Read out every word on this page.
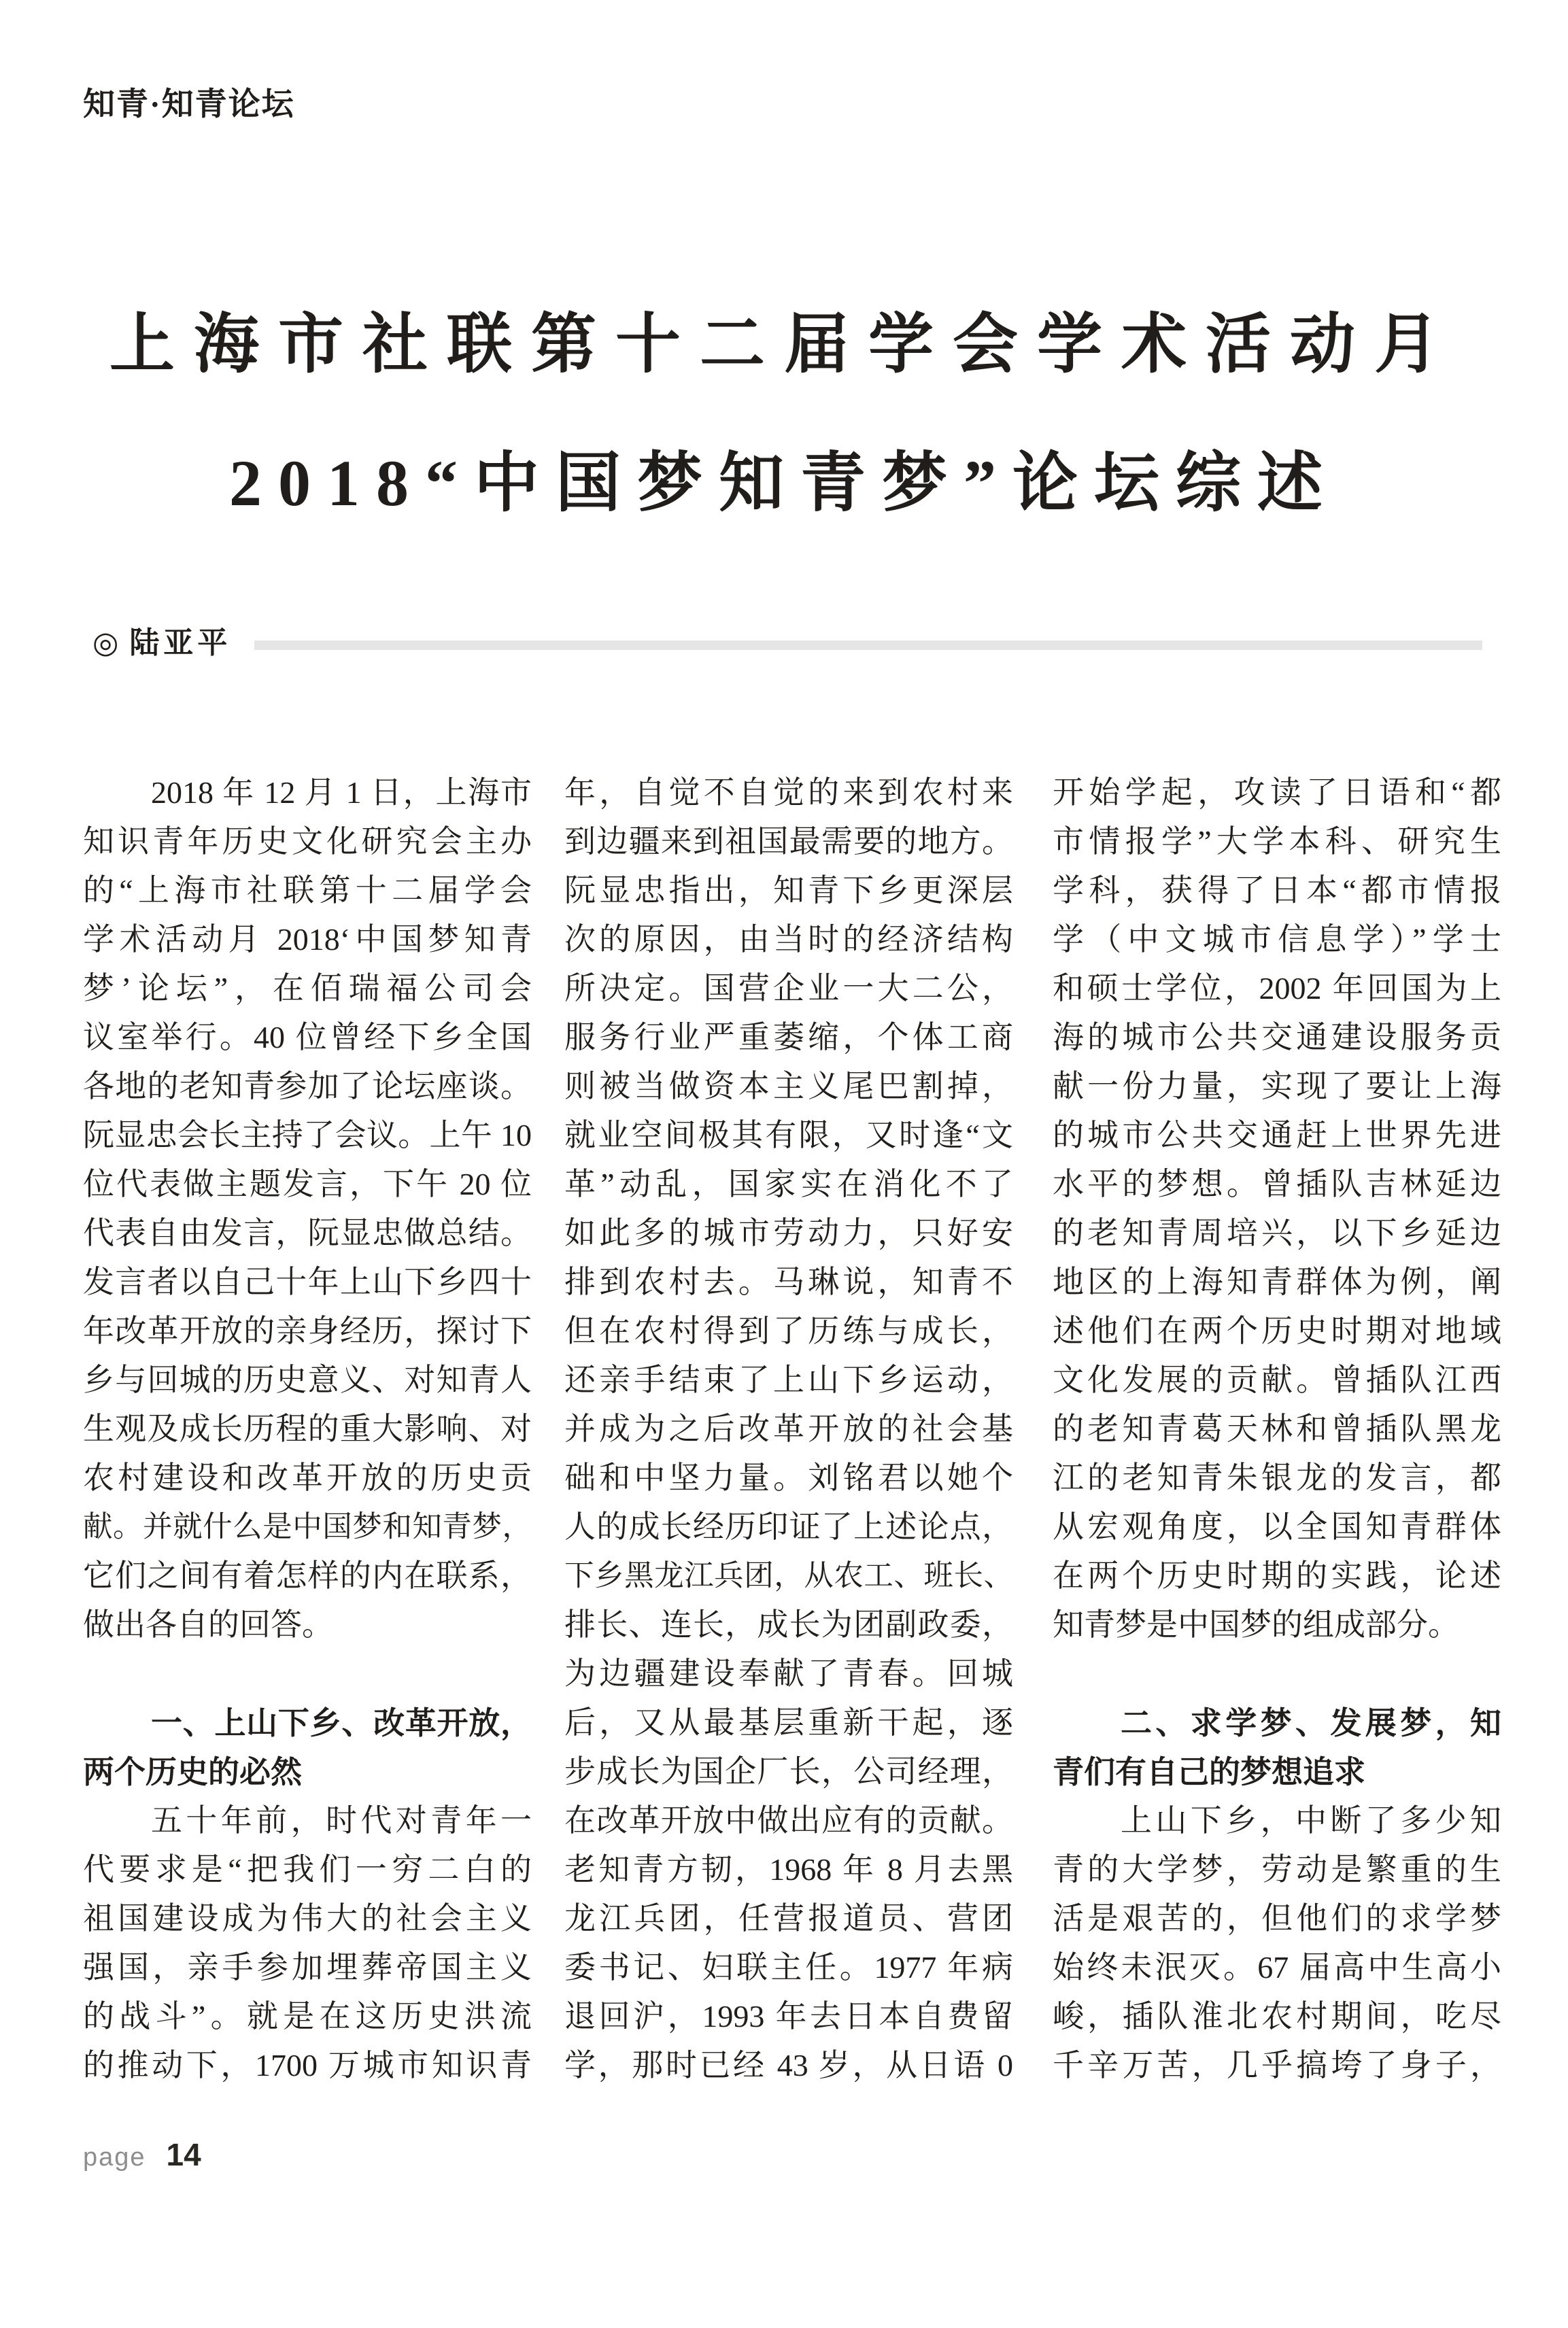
知青·知青论坛
上海市社联第十二届学会学术活动月
2018“中国梦知青梦”论坛综述
◎ 陆亚平
2018 年 12 月 1 日，上海市
知识青年历史文化研究会主办
的“上海市社联第十二届学会
学术活动月 2018‘中国梦知青
梦’论坛”，在佰瑞福公司会
议室举行。40 位曾经下乡全国
各地的老知青参加了论坛座谈。
阮显忠会长主持了会议。上午 10
位代表做主题发言，下午 20 位
代表自由发言，阮显忠做总结。
发言者以自己十年上山下乡四十
年改革开放的亲身经历，探讨下
乡与回城的历史意义、对知青人
生观及成长历程的重大影响、对
农村建设和改革开放的历史贡
献。并就什么是中国梦和知青梦，
它们之间有着怎样的内在联系，
做出各自的回答。
一、上山下乡、改革开放，
两个历史的必然
五十年前，时代对青年一
代要求是“把我们一穷二白的
祖国建设成为伟大的社会主义
强国，亲手参加埋葬帝国主义
的战斗”。就是在这历史洪流
的推动下，1700 万城市知识青
年，自觉不自觉的来到农村来
到边疆来到祖国最需要的地方。
阮显忠指出，知青下乡更深层
次的原因，由当时的经济结构
所决定。国营企业一大二公，
服务行业严重萎缩，个体工商
则被当做资本主义尾巴割掉，
就业空间极其有限，又时逢“文
革”动乱，国家实在消化不了
如此多的城市劳动力，只好安
排到农村去。马琳说，知青不
但在农村得到了历练与成长，
还亲手结束了上山下乡运动，
并成为之后改革开放的社会基
础和中坚力量。刘铭君以她个
人的成长经历印证了上述论点，
下乡黑龙江兵团，从农工、班长、
排长、连长，成长为团副政委，
为边疆建设奉献了青春。回城
后，又从最基层重新干起，逐
步成长为国企厂长，公司经理，
在改革开放中做出应有的贡献。
老知青方韧，1968 年 8 月去黑
龙江兵团，任营报道员、营团
委书记、妇联主任。1977 年病
退回沪，1993 年去日本自费留
学，那时已经 43 岁，从日语 0
开始学起，攻读了日语和“都
市情报学”大学本科、研究生
学科，获得了日本“都市情报
学（中文城市信息学）”学士
和硕士学位，2002 年回国为上
海的城市公共交通建设服务贡
献一份力量，实现了要让上海
的城市公共交通赶上世界先进
水平的梦想。曾插队吉林延边
的老知青周培兴，以下乡延边
地区的上海知青群体为例，阐
述他们在两个历史时期对地域
文化发展的贡献。曾插队江西
的老知青葛天林和曾插队黑龙
江的老知青朱银龙的发言，都
从宏观角度，以全国知青群体
在两个历史时期的实践，论述
知青梦是中国梦的组成部分。
二、求学梦、发展梦，知
青们有自己的梦想追求
上山下乡，中断了多少知
青的大学梦，劳动是繁重的生
活是艰苦的，但他们的求学梦
始终未泯灭。67 届高中生高小
峻，插队淮北农村期间，吃尽
千辛万苦，几乎搞垮了身子，
page 14
